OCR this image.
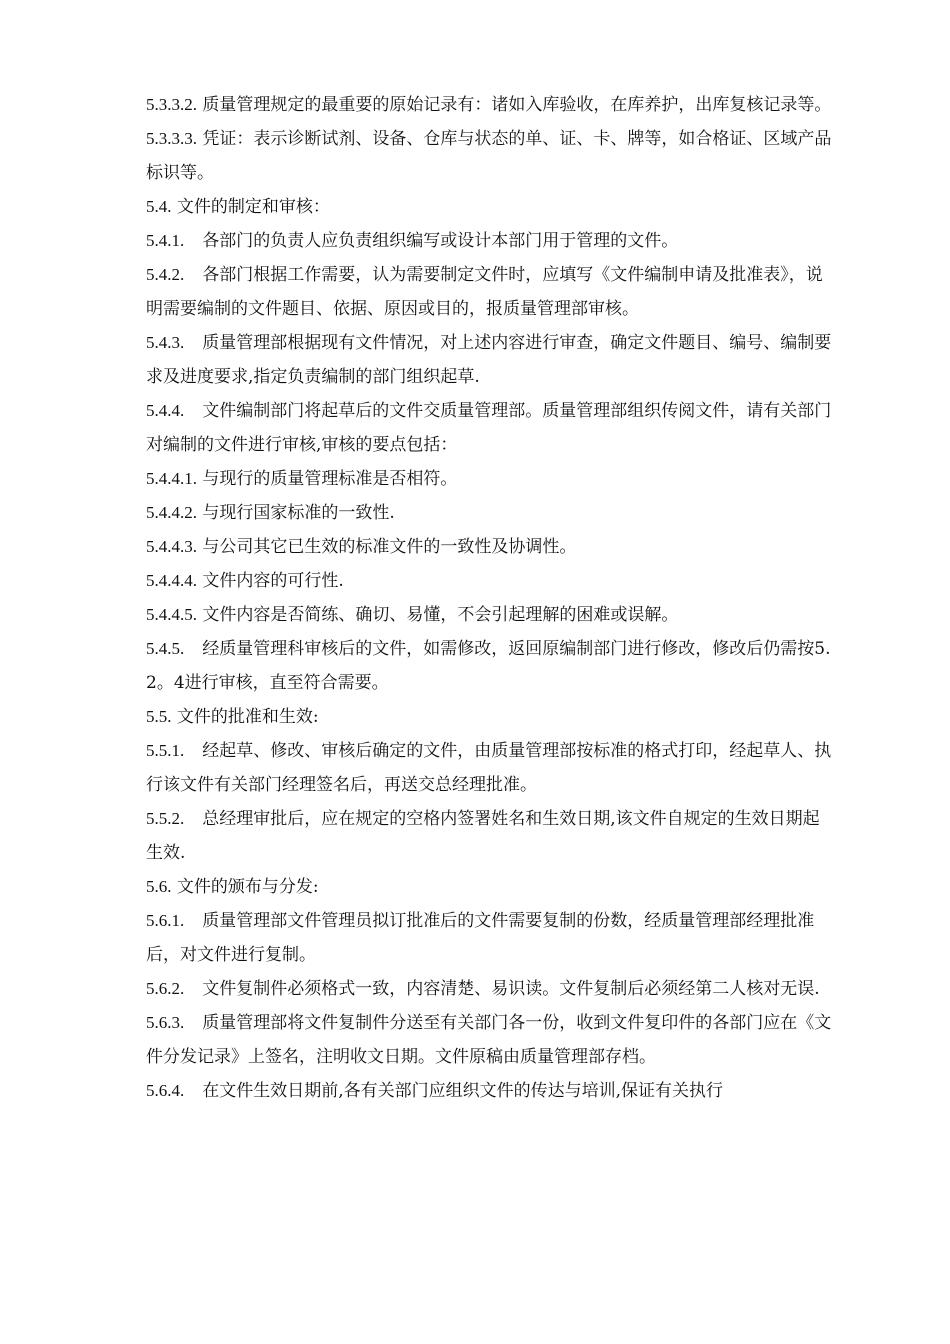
5.3.3.2. 质量管理规定的最重要的原始记录有：诸如入库验收，在库养护，出库复核记录等。

5.3.3.3. 凭证：表示诊断试剂、设备、仓库与状态的单、证、卡、牌等，如合格证、区域产品标识等。

5.4. 文件的制定和审核：

5.4.1. 各部门的负责人应负责组织编写或设计本部门用于管理的文件。

5.4.2. 各部门根据工作需要，认为需要制定文件时，应填写《文件编制申请及批准表》，说明需要编制的文件题目、依据、原因或目的，报质量管理部审核。

5.4.3. 质量管理部根据现有文件情况，对上述内容进行审查，确定文件题目、编号、编制要求及进度要求,指定负责编制的部门组织起草.

5.4.4. 文件编制部门将起草后的文件交质量管理部。质量管理部组织传阅文件，请有关部门对编制的文件进行审核,审核的要点包括：

5.4.4.1. 与现行的质量管理标准是否相符。

5.4.4.2. 与现行国家标准的一致性.

5.4.4.3. 与公司其它已生效的标准文件的一致性及协调性。

5.4.4.4. 文件内容的可行性.

5.4.4.5. 文件内容是否简练、确切、易懂，不会引起理解的困难或误解。

5.4.5. 经质量管理科审核后的文件，如需修改，返回原编制部门进行修改，修改后仍需按5.2。4进行审核，直至符合需要。

5.5. 文件的批准和生效:

5.5.1. 经起草、修改、审核后确定的文件，由质量管理部按标准的格式打印，经起草人、执行该文件有关部门经理签名后，再送交总经理批准。

5.5.2. 总经理审批后，应在规定的空格内签署姓名和生效日期,该文件自规定的生效日期起生效.

5.6. 文件的颁布与分发:

5.6.1. 质量管理部文件管理员拟订批准后的文件需要复制的份数，经质量管理部经理批准后，对文件进行复制。

5.6.2. 文件复制件必须格式一致，内容清楚、易识读。文件复制后必须经第二人核对无误.

5.6.3. 质量管理部将文件复制件分送至有关部门各一份，收到文件复印件的各部门应在《文件分发记录》上签名，注明收文日期。文件原稿由质量管理部存档。

5.6.4. 在文件生效日期前,各有关部门应组织文件的传达与培训,保证有关执行
